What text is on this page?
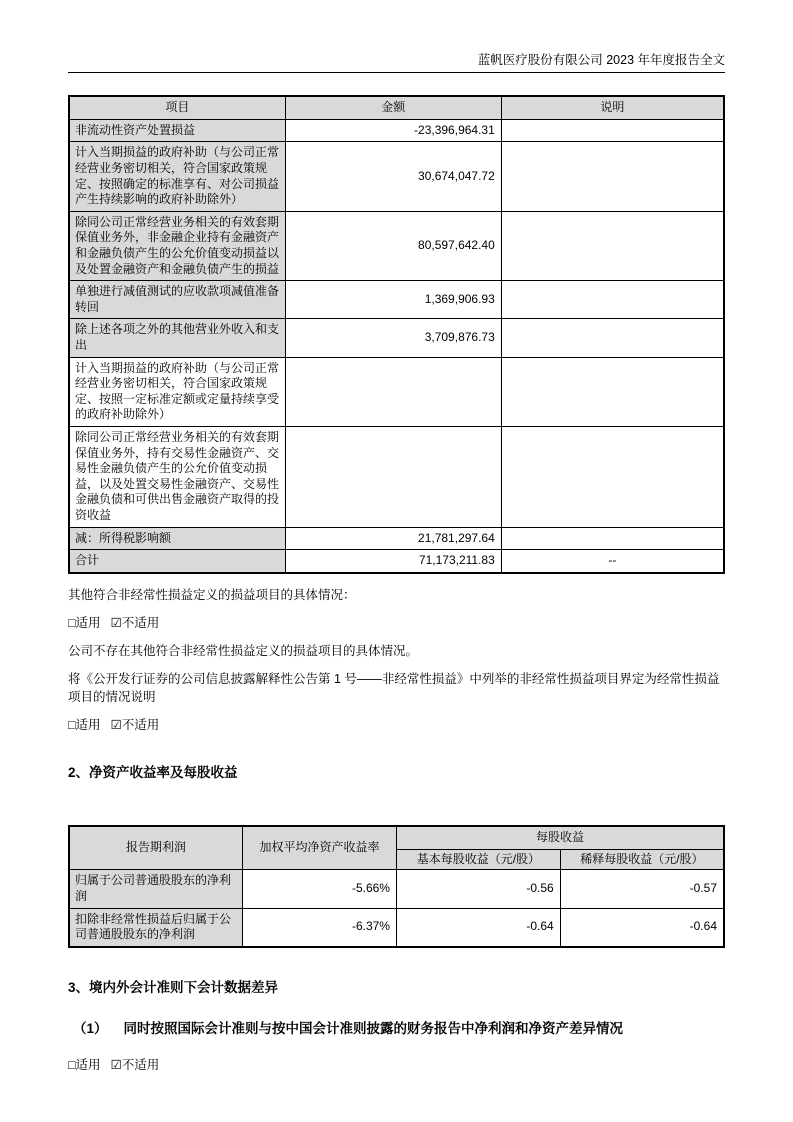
蓝帆医疗股份有限公司 2023 年年度报告全文
项目	金额	说明
非流动性资产处置损益	-23,396,964.31	
计入当期损益的政府补助（与公司正常经营业务密切相关，符合国家政策规定、按照确定的标准享有、对公司损益产生持续影响的政府补助除外）	30,674,047.72	
除同公司正常经营业务相关的有效套期保值业务外，非金融企业持有金融资产和金融负债产生的公允价值变动损益以及处置金融资产和金融负债产生的损益	80,597,642.40	
单独进行减值测试的应收款项减值准备转回	1,369,906.93	
除上述各项之外的其他营业外收入和支出	3,709,876.73	
计入当期损益的政府补助（与公司正常经营业务密切相关，符合国家政策规定、按照一定标准定额或定量持续享受的政府补助除外）		
除同公司正常经营业务相关的有效套期保值业务外，持有交易性金融资产、交易性金融负债产生的公允价值变动损益，以及处置交易性金融资产、交易性金融负债和可供出售金融资产取得的投资收益		
减：所得税影响额	21,781,297.64	
合计	71,173,211.83	--

其他符合非经常性损益定义的损益项目的具体情况：

□适用 ☑不适用

公司不存在其他符合非经常性损益定义的损益项目的具体情况。

将《公开发行证券的公司信息披露解释性公告第 1 号——非经常性损益》中列举的非经常性损益项目界定为经常性损益项目的情况说明

□适用 ☑不适用

2、净资产收益率及每股收益
报告期利润	加权平均净资产收益率	每股收益	
		基本每股收益（元/股）	稀释每股收益（元/股）
归属于公司普通股股东的净利润	-5.66%	-0.56	-0.57
扣除非经常性损益后归属于公司普通股股东的净利润	-6.37%	-0.64	-0.64
3、境内外会计准则下会计数据差异
（1） 同时按照国际会计准则与按中国会计准则披露的财务报告中净利润和净资产差异情况

□适用 ☑不适用
